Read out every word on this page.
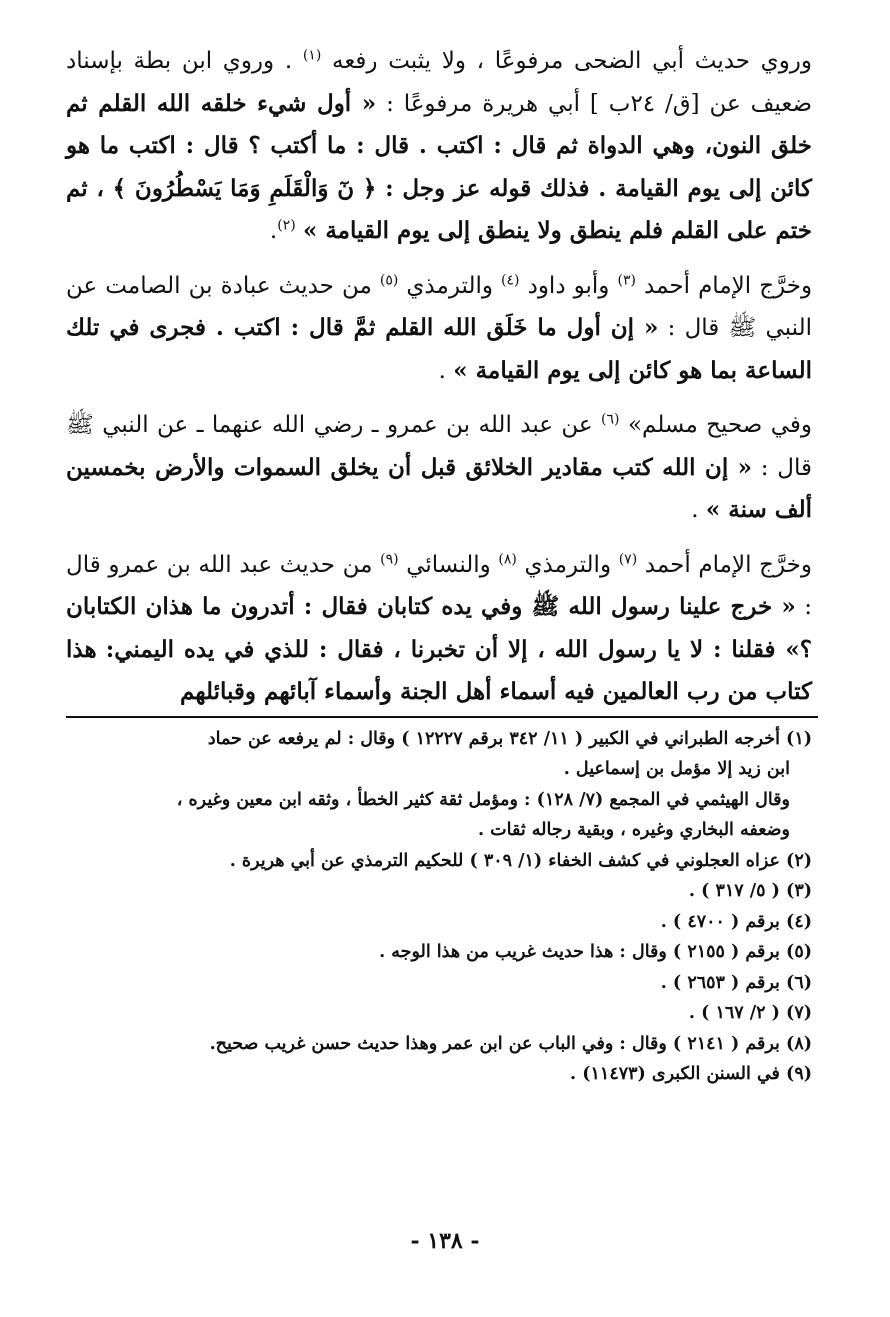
وروي حديث أبي الضحى مرفوعًا ، ولا يثبت رفعه $^{(١)}$ . وروي ابن بطة بإسناد ضعيف عن [ق/ ٢٤ب ] أبي هريرة مرفوعًا : « أول شيء خلقه الله القلم ثم خلق النون، وهي الدواة ثم قال : اكتب . قال : ما أكتب ؟ قال : اكتب ما هو كائن إلى يوم القيامة . فذلك قوله عز وجل : ﴿ نٓ وَالْقَلَمِ وَمَا يَسْطُرُونَ ﴾ ، ثم ختم على القلم فلم ينطق ولا ينطق إلى يوم القيامة » $^{(٢)}$.

وخرَّج الإمام أحمد $^{(٣)}$ وأبو داود $^{(٤)}$ والترمذي $^{(٥)}$ من حديث عبادة بن الصامت عن النبي ﷺ قال : « إن أول ما خَلَق الله القلم ثمَّ قال : اكتب . فجرى في تلك الساعة بما هو كائن إلى يوم القيامة » .

وفي صحيح مسلم» $^{(٦)}$ عن عبد الله بن عمرو ـ رضي الله عنهما ـ عن النبي ﷺ قال : « إن الله كتب مقادير الخلائق قبل أن يخلق السموات والأرض بخمسين ألف سنة » .

وخرَّج الإمام أحمد $^{(٧)}$ والترمذي $^{(٨)}$ والنسائي $^{(٩)}$ من حديث عبد الله بن عمرو قال : « خرج علينا رسول الله ﷺ وفي يده كتابان فقال : أتدرون ما هذان الكتابان ؟» فقلنا : لا يا رسول الله ، إلا أن تخبرنا ، فقال : للذي في يده اليمني: هذا كتاب من رب العالمين فيه أسماء أهل الجنة وأسماء آبائهم وقبائلهم

(١) أخرجه الطبراني في الكبير ( ١١/ ٣٤٢ برقم ١٢٢٢٧ ) وقال : لم يرفعه عن حماد

ابن زيد إلا مؤمل بن إسماعيل .

وقال الهيثمي في المجمع (٧/ ١٢٨) : ومؤمل ثقة كثير الخطأ ، وثقه ابن معين وغيره ،

وضعفه البخاري وغيره ، وبقية رجاله ثقات .

(٢) عزاه العجلوني في كشف الخفاء (١/ ٣٠٩ ) للحكيم الترمذي عن أبي هريرة .

(٣) ( ٥/ ٣١٧ ) .

(٤) برقم ( ٤٧٠٠ ) .

(٥) برقم ( ٢١٥٥ ) وقال : هذا حديث غريب من هذا الوجه .

(٦) برقم ( ٢٦٥٣ ) .

(٧) ( ٢/ ١٦٧ ) .

(٨) برقم ( ٢١٤١ ) وقال : وفي الباب عن ابن عمر وهذا حديث حسن غريب صحيح.

(٩) في السنن الكبرى (١١٤٧٣) .

- ١٣٨ -
